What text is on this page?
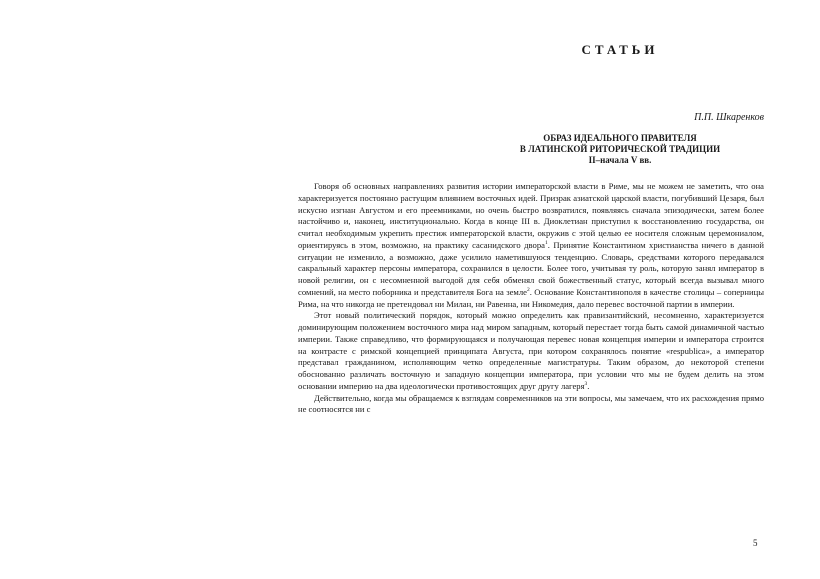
СТАТЬИ

П.П. Шкаренков

ОБРАЗ ИДЕАЛЬНОГО ПРАВИТЕЛЯ
В ЛАТИНСКОЙ РИТОРИЧЕСКОЙ ТРАДИЦИИ
II–начала V вв.

Говоря об основных направлениях развития истории императорской власти в Риме, мы не можем не заметить, что она характеризуется постоянно растущим влиянием восточных идей. Призрак азиатской царской власти, погубивший Цезаря, был искусно изгнан Августом и его преемниками, но очень быстро возвратился, появляясь сначала эпизодически, затем более настойчиво и, наконец, институционально. Когда в конце III в. Диоклетиан приступил к восстановлению государства, он считал необходимым укрепить престиж императорской власти, окружив с этой целью ее носителя сложным церемониалом, ориентируясь в этом, возможно, на практику сасанидского двора$^1$. Принятие Константином христианства ничего в данной ситуации не изменило, а возможно, даже усилило наметившуюся тенденцию. Словарь, средствами которого передавался сакральный характер персоны императора, сохранился в целости. Более того, учитывая ту роль, которую занял император в новой религии, он с несомненной выгодой для себя обменял свой божественный статус, который всегда вызывал много сомнений, на место поборника и представителя Бога на земле$^2$. Основание Константинополя в качестве столицы – соперницы Рима, на что никогда не претендовал ни Милан, ни Равенна, ни Никомедия, дало перевес восточной партии в империи.

Этот новый политический порядок, который можно определить как правизантийский, несомненно, характеризуется доминирующим положением восточного мира над миром западным, который перестает тогда быть самой динамичной частью империи. Также справедливо, что формирующаяся и получающая перевес новая концепция империи и императора строится на контрасте с римской концепцией принципата Августа, при котором сохранялось понятие «respublica», а император представал гражданином, исполняющим четко определенные магистратуры. Таким образом, до некоторой степени обоснованно различать восточную и западную концепции императора, при условии что мы не будем делить на этом основании империю на два идеологически противостоящих друг другу лагеря$^3$.

Действительно, когда мы обращаемся к взглядам современников на эти вопросы, мы замечаем, что их расхождения прямо не соотносятся ни с

5
